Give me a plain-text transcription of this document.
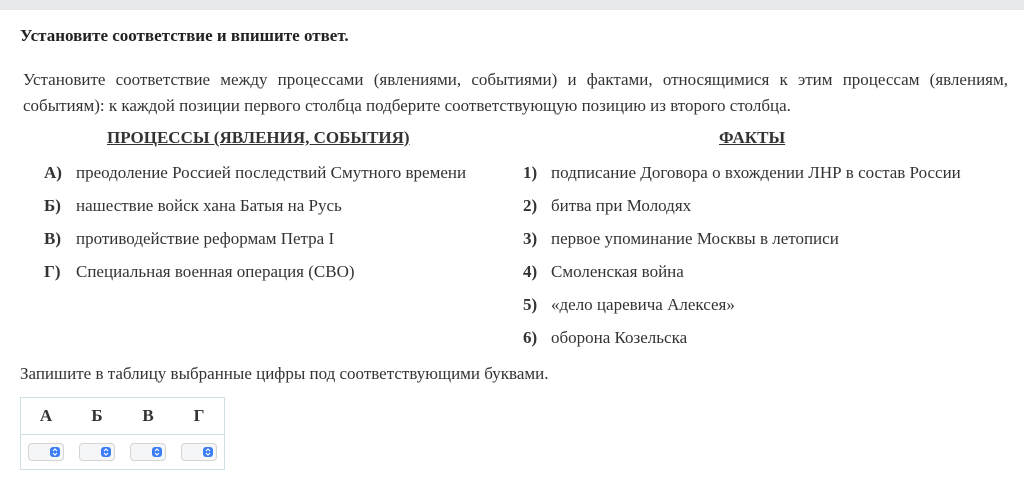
Установите соответствие и впишите ответ.
Установите соответствие между процессами (явлениями, событиями) и фактами, относящимися к этим процессам (явлениям, событиям): к каждой позиции первого столбца подберите соответствующую позицию из второго столбца.
ПРОЦЕССЫ (ЯВЛЕНИЯ, СОБЫТИЯ)	ФАКТЫ
А) преодоление Россией последствий Смутного времени
Б) нашествие войск хана Батыя на Русь
В) противодействие реформам Петра I
Г) Специальная военная операция (СВО)
1) подписание Договора о вхождении ЛНР в состав России
2) битва при Молодях
3) первое упоминание Москвы в летописи
4) Смоленская война
5) «дело царевича Алексея»
6) оборона Козельска
Запишите в таблицу выбранные цифры под соответствующими буквами.
А	Б	В	Г
